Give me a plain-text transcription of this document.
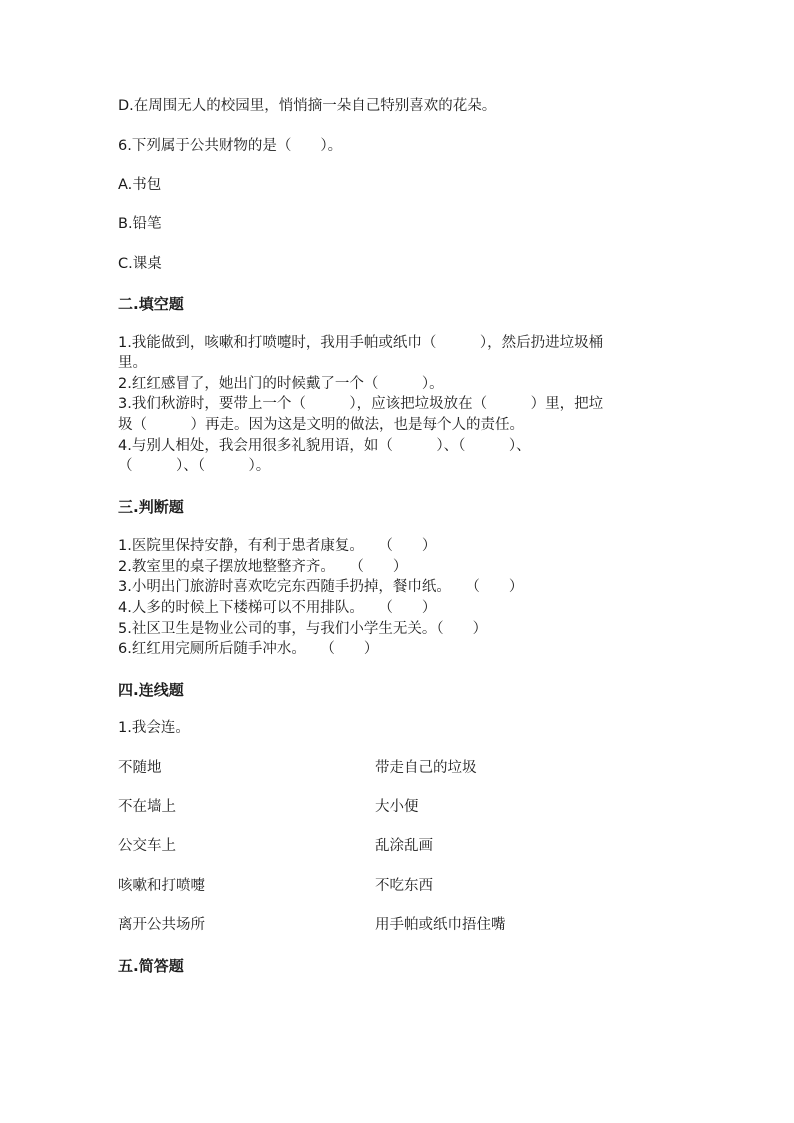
D.在周围无人的校园里，悄悄摘一朵自己特别喜欢的花朵。
6.下列属于公共财物的是（　　）。
A.书包
B.铅笔
C.课桌
二.填空题
1.我能做到，咳嗽和打喷嚏时，我用手帕或纸巾（　　　），然后扔进垃圾桶
里。
2.红红感冒了，她出门的时候戴了一个（　　　）。
3.我们秋游时，要带上一个（　　　），应该把垃圾放在（　　　）里，把垃
圾（　　　）再走。因为这是文明的做法，也是每个人的责任。
4.与别人相处，我会用很多礼貌用语，如（　　　）、（　　　）、
（　　　）、（　　　）。
三.判断题
1.医院里保持安静，有利于患者康复。　　（　　）
2.教室里的桌子摆放地整整齐齐。　　（　　）
3.小明出门旅游时喜欢吃完东西随手扔掉，餐巾纸。　　（　　）
4.人多的时候上下楼梯可以不用排队。　　（　　）
5.社区卫生是物业公司的事，与我们小学生无关。（　　）
6.红红用完厕所后随手冲水。　　（　　）
四.连线题
1.我会连。
不随地	带走自己的垃圾
不在墙上	大小便
公交车上	乱涂乱画
咳嗽和打喷嚏	不吃东西
离开公共场所	用手帕或纸巾捂住嘴
五.简答题
